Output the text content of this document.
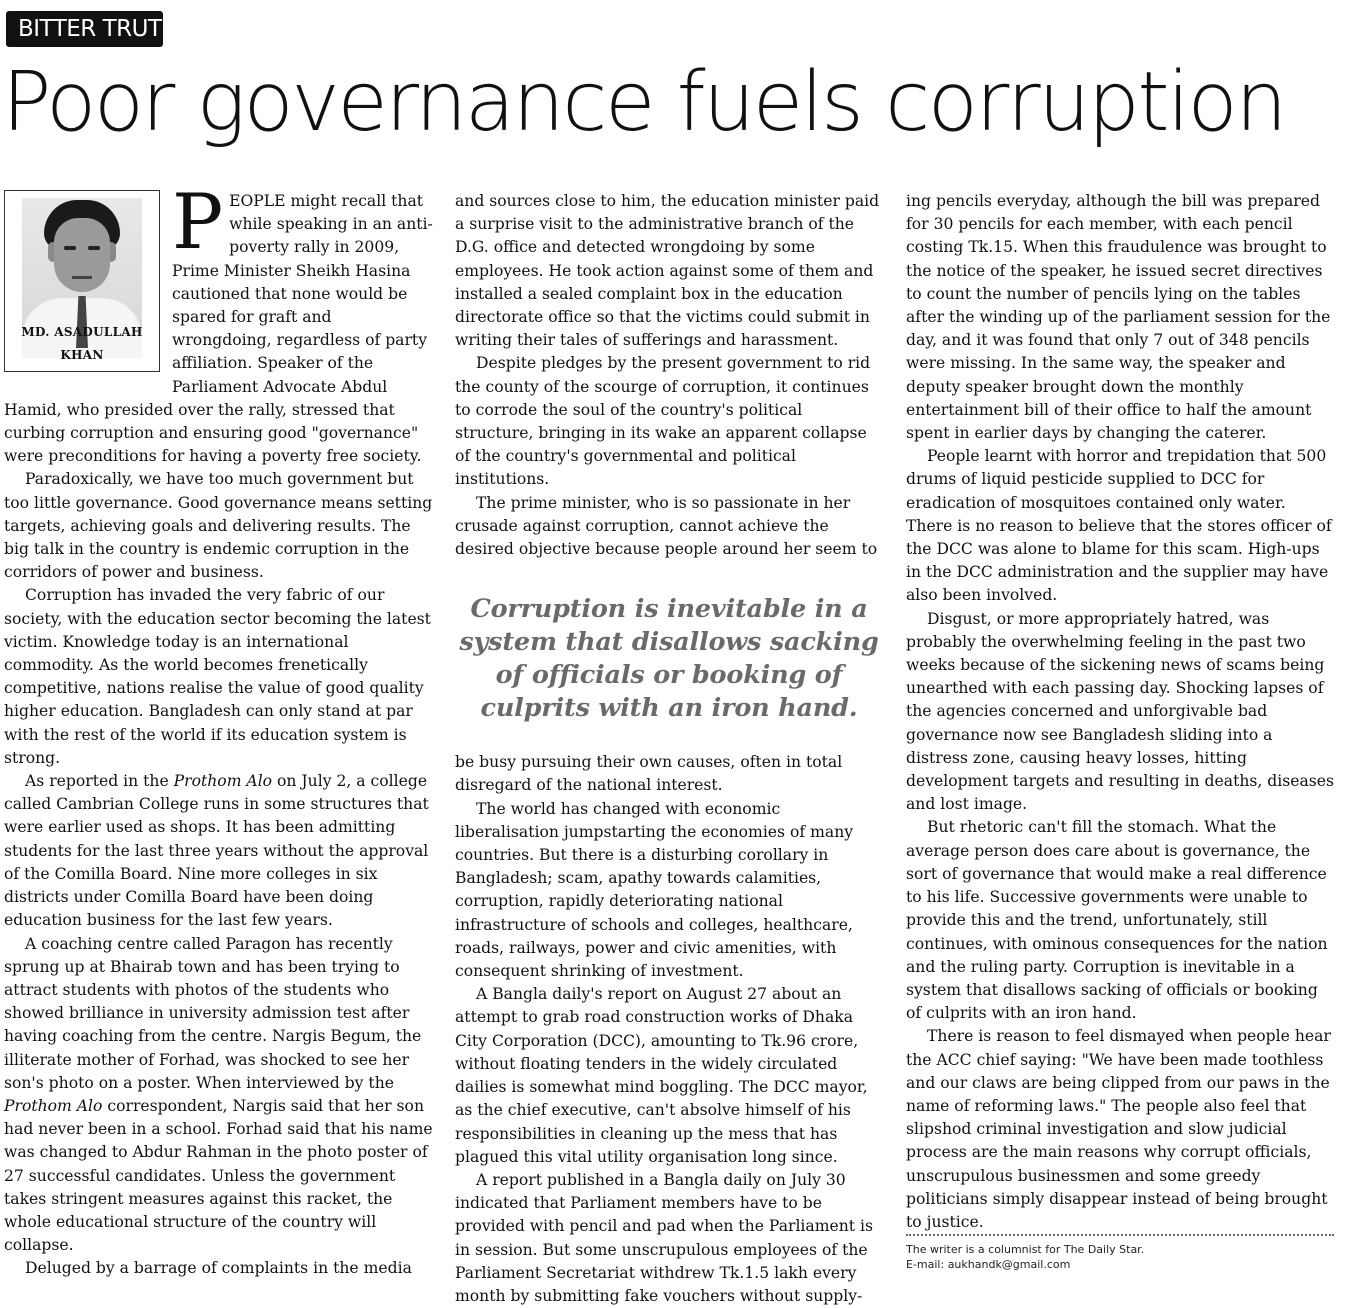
BITTER TRUTH
Poor governance fuels corruption
MD. ASADULLAH KHAN

PEOPLE might recall that while speaking in an anti-poverty rally in 2009, Prime Minister Sheikh Hasina cautioned that none would be spared for graft and wrongdoing, regardless of party affiliation. Speaker of the Parliament Advocate Abdul Hamid, who presided over the rally, stressed that curbing corruption and ensuring good "governance" were preconditions for having a poverty free society.

Paradoxically, we have too much government but too little governance. Good governance means setting targets, achieving goals and delivering results. The big talk in the country is endemic corruption in the corridors of power and business.

Corruption has invaded the very fabric of our society, with the education sector becoming the latest victim. Knowledge today is an international commodity. As the world becomes frenetically competitive, nations realise the value of good quality higher education. Bangladesh can only stand at par with the rest of the world if its education system is strong.

As reported in the Prothom Alo on July 2, a college called Cambrian College runs in some structures that were earlier used as shops. It has been admitting students for the last three years without the approval of the Comilla Board. Nine more colleges in six districts under Comilla Board have been doing education business for the last few years.

A coaching centre called Paragon has recently sprung up at Bhairab town and has been trying to attract students with photos of the students who showed brilliance in university admission test after having coaching from the centre. Nargis Begum, the illiterate mother of Forhad, was shocked to see her son's photo on a poster. When interviewed by the Prothom Alo correspondent, Nargis said that her son had never been in a school. Forhad said that his name was changed to Abdur Rahman in the photo poster of 27 successful candidates. Unless the government takes stringent measures against this racket, the whole educational structure of the country will collapse.

Deluged by a barrage of complaints in the media

and sources close to him, the education minister paid a surprise visit to the administrative branch of the D.G. office and detected wrongdoing by some employees. He took action against some of them and installed a sealed complaint box in the education directorate office so that the victims could submit in writing their tales of sufferings and harassment.

Despite pledges by the present government to rid the county of the scourge of corruption, it continues to corrode the soul of the country's political structure, bringing in its wake an apparent collapse of the country's governmental and political institutions.

The prime minister, who is so passionate in her crusade against corruption, cannot achieve the desired objective because people around her seem to

Corruption is inevitable in a system that disallows sacking of officials or booking of culprits with an iron hand.

be busy pursuing their own causes, often in total disregard of the national interest.

The world has changed with economic liberalisation jumpstarting the economies of many countries. But there is a disturbing corollary in Bangladesh; scam, apathy towards calamities, corruption, rapidly deteriorating national infrastructure of schools and colleges, healthcare, roads, railways, power and civic amenities, with consequent shrinking of investment.

A Bangla daily's report on August 27 about an attempt to grab road construction works of Dhaka City Corporation (DCC), amounting to Tk.96 crore, without floating tenders in the widely circulated dailies is somewhat mind boggling. The DCC mayor, as the chief executive, can't absolve himself of his responsibilities in cleaning up the mess that has plagued this vital utility organisation long since.

A report published in a Bangla daily on July 30 indicated that Parliament members have to be provided with pencil and pad when the Parliament is in session. But some unscrupulous employees of the Parliament Secretariat withdrew Tk.1.5 lakh every month by submitting fake vouchers without supply-

ing pencils everyday, although the bill was prepared for 30 pencils for each member, with each pencil costing Tk.15. When this fraudulence was brought to the notice of the speaker, he issued secret directives to count the number of pencils lying on the tables after the winding up of the parliament session for the day, and it was found that only 7 out of 348 pencils were missing. In the same way, the speaker and deputy speaker brought down the monthly entertainment bill of their office to half the amount spent in earlier days by changing the caterer.

People learnt with horror and trepidation that 500 drums of liquid pesticide supplied to DCC for eradication of mosquitoes contained only water. There is no reason to believe that the stores officer of the DCC was alone to blame for this scam. High-ups in the DCC administration and the supplier may have also been involved.

Disgust, or more appropriately hatred, was probably the overwhelming feeling in the past two weeks because of the sickening news of scams being unearthed with each passing day. Shocking lapses of the agencies concerned and unforgivable bad governance now see Bangladesh sliding into a distress zone, causing heavy losses, hitting development targets and resulting in deaths, diseases and lost image.

But rhetoric can't fill the stomach. What the average person does care about is governance, the sort of governance that would make a real difference to his life. Successive governments were unable to provide this and the trend, unfortunately, still continues, with ominous consequences for the nation and the ruling party. Corruption is inevitable in a system that disallows sacking of officials or booking of culprits with an iron hand.

There is reason to feel dismayed when people hear the ACC chief saying: "We have been made toothless and our claws are being clipped from our paws in the name of reforming laws." The people also feel that slipshod criminal investigation and slow judicial process are the main reasons why corrupt officials, unscrupulous businessmen and some greedy politicians simply disappear instead of being brought to justice.

The writer is a columnist for The Daily Star.
E-mail: aukhandk@gmail.com
